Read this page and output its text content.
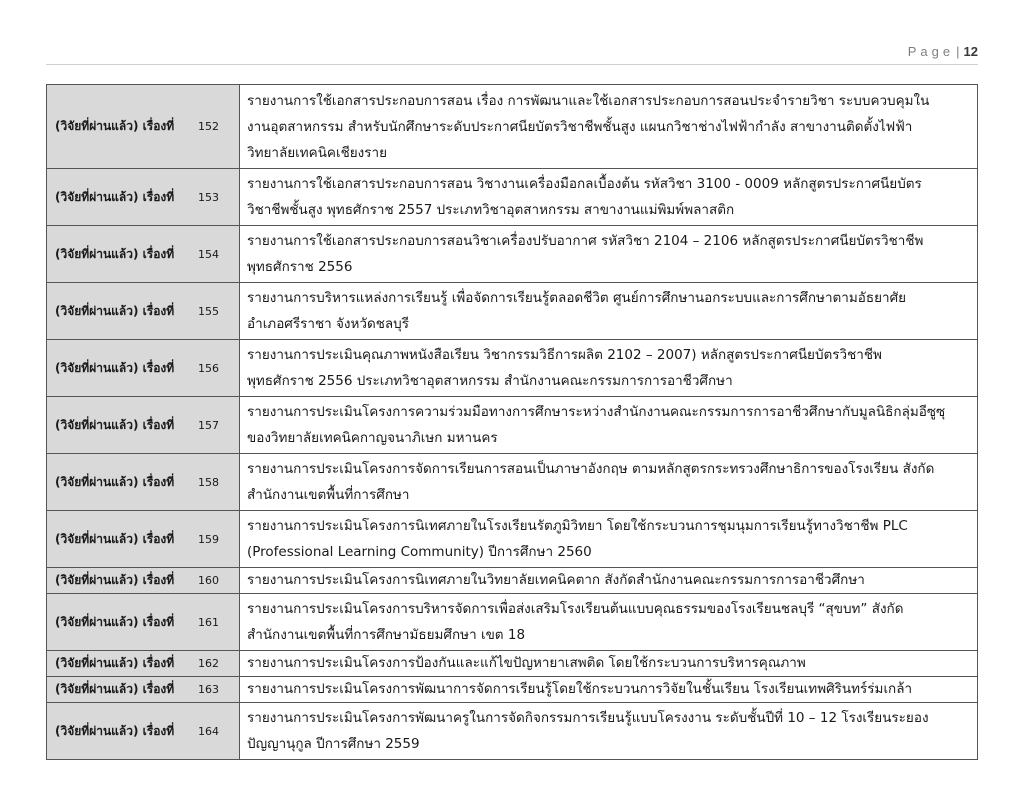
Page | 12
(วิจัยที่ผ่านแล้ว) เรื่องที่ 152	รายงานการใช้เอกสารประกอบการสอน เรื่อง การพัฒนาและใช้เอกสารประกอบการสอนประจำรายวิชา ระบบควบคุมใน
งานอุตสาหกรรม สำหรับนักศึกษาระดับประกาศนียบัตรวิชาชีพชั้นสูง แผนกวิชาช่างไฟฟ้ากำลัง สาขางานติดตั้งไฟฟ้า
วิทยาลัยเทคนิคเชียงราย

(วิจัยที่ผ่านแล้ว) เรื่องที่ 153	รายงานการใช้เอกสารประกอบการสอน วิชางานเครื่องมือกลเบื้องต้น รหัสวิชา 3100 - 0009 หลักสูตรประกาศนียบัตร
วิชาชีพชั้นสูง พุทธศักราช 2557 ประเภทวิชาอุตสาหกรรม สาขางานแม่พิมพ์พลาสติก

(วิจัยที่ผ่านแล้ว) เรื่องที่ 154	รายงานการใช้เอกสารประกอบการสอนวิชาเครื่องปรับอากาศ รหัสวิชา 2104 – 2106 หลักสูตรประกาศนียบัตรวิชาชีพ
พุทธศักราช 2556

(วิจัยที่ผ่านแล้ว) เรื่องที่ 155	รายงานการบริหารแหล่งการเรียนรู้ เพื่อจัดการเรียนรู้ตลอดชีวิต ศูนย์การศึกษานอกระบบและการศึกษาตามอัธยาศัย
อำเภอศรีราชา จังหวัดชลบุรี

(วิจัยที่ผ่านแล้ว) เรื่องที่ 156	รายงานการประเมินคุณภาพหนังสือเรียน วิชากรรมวิธีการผลิต 2102 – 2007) หลักสูตรประกาศนียบัตรวิชาชีพ
พุทธศักราช 2556 ประเภทวิชาอุตสาหกรรม สำนักงานคณะกรรมการการอาชีวศึกษา

(วิจัยที่ผ่านแล้ว) เรื่องที่ 157	รายงานการประเมินโครงการความร่วมมือทางการศึกษาระหว่างสำนักงานคณะกรรมการการอาชีวศึกษากับมูลนิธิกลุ่มอีซูซุ
ของวิทยาลัยเทคนิคกาญจนาภิเษก มหานคร

(วิจัยที่ผ่านแล้ว) เรื่องที่ 158	รายงานการประเมินโครงการจัดการเรียนการสอนเป็นภาษาอังกฤษ ตามหลักสูตรกระทรวงศึกษาธิการของโรงเรียน สังกัด
สำนักงานเขตพื้นที่การศึกษา

(วิจัยที่ผ่านแล้ว) เรื่องที่ 159	รายงานการประเมินโครงการนิเทศภายในโรงเรียนรัตภูมิวิทยา โดยใช้กระบวนการชุมนุมการเรียนรู้ทางวิชาชีพ PLC
(Professional Learning Community) ปีการศึกษา 2560

(วิจัยที่ผ่านแล้ว) เรื่องที่ 160	รายงานการประเมินโครงการนิเทศภายในวิทยาลัยเทคนิคตาก สังกัดสำนักงานคณะกรรมการการอาชีวศึกษา

(วิจัยที่ผ่านแล้ว) เรื่องที่ 161	รายงานการประเมินโครงการบริหารจัดการเพื่อส่งเสริมโรงเรียนต้นแบบคุณธรรมของโรงเรียนชลบุรี “สุขบท” สังกัด
สำนักงานเขตพื้นที่การศึกษามัธยมศึกษา เขต 18

(วิจัยที่ผ่านแล้ว) เรื่องที่ 162	รายงานการประเมินโครงการป้องกันและแก้ไขปัญหายาเสพติด โดยใช้กระบวนการบริหารคุณภาพ

(วิจัยที่ผ่านแล้ว) เรื่องที่ 163	รายงานการประเมินโครงการพัฒนาการจัดการเรียนรู้โดยใช้กระบวนการวิจัยในชั้นเรียน โรงเรียนเทพศิรินทร์ร่มเกล้า

(วิจัยที่ผ่านแล้ว) เรื่องที่ 164	รายงานการประเมินโครงการพัฒนาครูในการจัดกิจกรรมการเรียนรู้แบบโครงงาน ระดับชั้นปีที่ 10 – 12 โรงเรียนระยอง
ปัญญานุกูล ปีการศึกษา 2559
